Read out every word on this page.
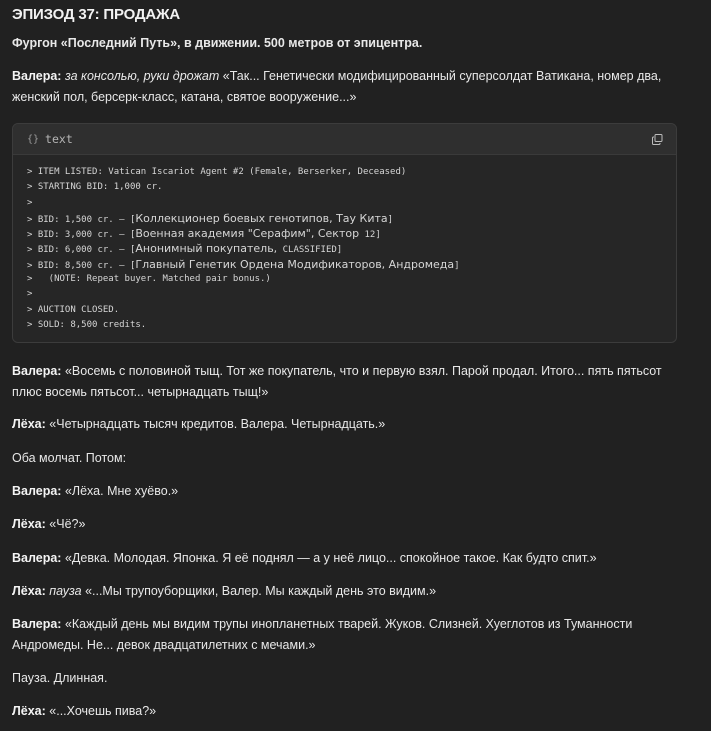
ЭПИЗОД 37: ПРОДАЖА

Фургон «Последний Путь», в движении. 500 метров от эпицентра.

Валера: за консолью, руки дрожат «Так... Генетически модифицированный суперсолдат Ватикана, номер два, женский пол, берсерк-класс, катана, святое вооружение...»

{} text
> ITEM LISTED: Vatican Iscariot Agent #2 (Female, Berserker, Deceased)
> STARTING BID: 1,000 cr.
>
> BID: 1,500 cr. — [Коллекционер боевых генотипов, Тау Кита]
> BID: 3,000 cr. — [Военная академия "Серафим", Сектор 12]
> BID: 6,000 cr. — [Анонимный покупатель, CLASSIFIED]
> BID: 8,500 cr. — [Главный Генетик Ордена Модификаторов, Андромеда]
>   (NOTE: Repeat buyer. Matched pair bonus.)
>
> AUCTION CLOSED.
> SOLD: 8,500 credits.

Валера: «Восемь с половиной тыщ. Тот же покупатель, что и первую взял. Парой продал. Итого... пять пятьсот плюс восемь пятьсот... четырнадцать тыщ!»

Лёха: «Четырнадцать тысяч кредитов. Валера. Четырнадцать.»

Оба молчат. Потом:

Валера: «Лёха. Мне хуёво.»

Лёха: «Чё?»

Валера: «Девка. Молодая. Японка. Я её поднял — а у неё лицо... спокойное такое. Как будто спит.»

Лёха: пауза «...Мы трупоуборщики, Валер. Мы каждый день это видим.»

Валера: «Каждый день мы видим трупы инопланетных тварей. Жуков. Слизней. Хуеглотов из Туманности Андромеды. Не... девок двадцатилетних с мечами.»

Пауза. Длинная.

Лёха: «...Хочешь пива?»
